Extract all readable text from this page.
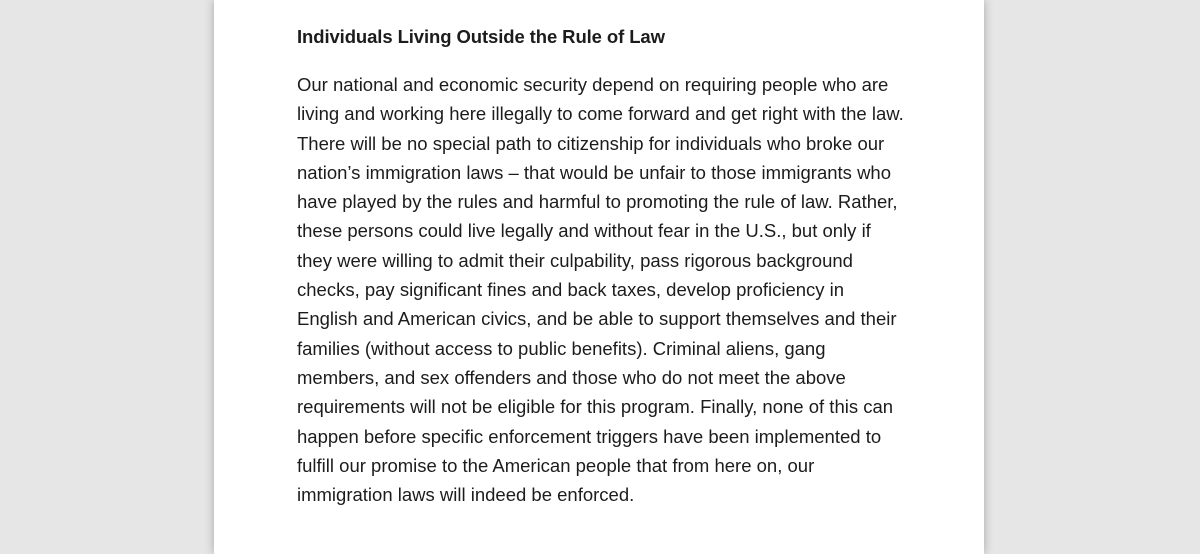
Individuals Living Outside the Rule of Law

Our national and economic security depend on requiring people who are living and working here illegally to come forward and get right with the law. There will be no special path to citizenship for individuals who broke our nation’s immigration laws – that would be unfair to those immigrants who have played by the rules and harmful to promoting the rule of law. Rather, these persons could live legally and without fear in the U.S., but only if they were willing to admit their culpability, pass rigorous background checks, pay significant fines and back taxes, develop proficiency in English and American civics, and be able to support themselves and their families (without access to public benefits). Criminal aliens, gang members, and sex offenders and those who do not meet the above requirements will not be eligible for this program. Finally, none of this can happen before specific enforcement triggers have been implemented to fulfill our promise to the American people that from here on, our immigration laws will indeed be enforced.
